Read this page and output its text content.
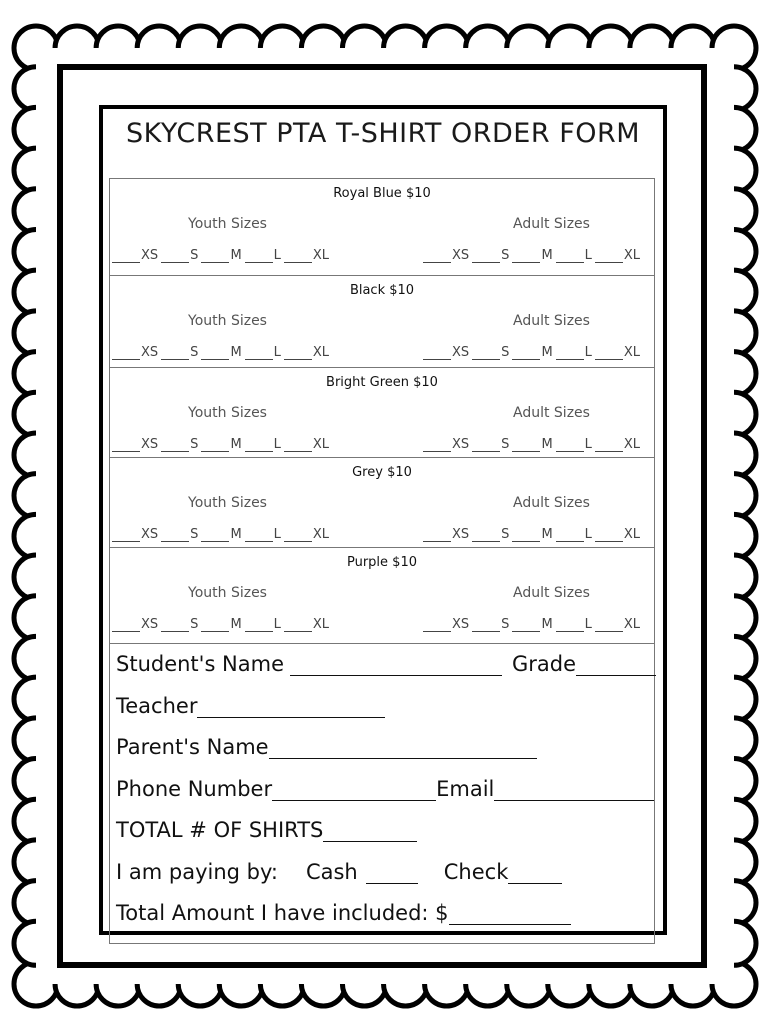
SKYCREST PTA T-SHIRT ORDER FORM
Royal Blue $10
Youth Sizes	Adult Sizes
XS S M L XL	XS S M L XL
Black $10
Youth Sizes	Adult Sizes
XS S M L XL	XS S M L XL
Bright Green $10
Youth Sizes	Adult Sizes
XS S M L XL	XS S M L XL
Grey $10
Youth Sizes	Adult Sizes
XS S M L XL	XS S M L XL
Purple $10
Youth Sizes	Adult Sizes
XS S M L XL	XS S M L XL
Student's Name	Grade
Teacher
Parent's Name
Phone Number	Email
TOTAL # OF SHIRTS
I am paying by: Cash	Check
Total Amount I have included: $
